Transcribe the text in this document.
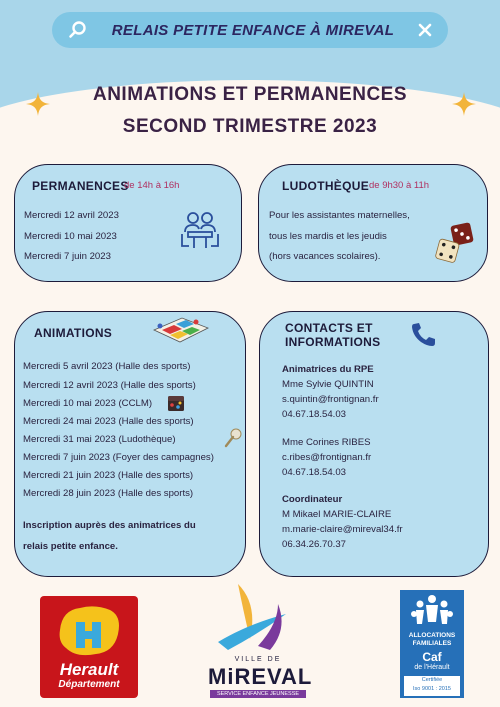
RELAIS PETITE ENFANCE À MIREVAL
ANIMATIONS ET PERMANENCES
SECOND TRIMESTRE 2023
PERMANENCES
de 14h à 16h
Mercredi 12 avril 2023
Mercredi 10 mai 2023
Mercredi 7 juin 2023
LUDOTHÈQUE de 9h30 à 11h
Pour les assistantes maternelles,
tous les mardis et les jeudis
(hors vacances scolaires).
ANIMATIONS
Mercredi 5 avril 2023 (Halle des sports)
Mercredi 12 avril 2023 (Halle des sports)
Mercredi 10 mai 2023 (CCLM)
Mercredi 24 mai 2023 (Halle des sports)
Mercredi 31 mai 2023 (Ludothèque)
Mercredi 7 juin 2023 (Foyer des campagnes)
Mercredi 21 juin 2023 (Halle des sports)
Mercredi 28 juin 2023 (Halle des sports)
Inscription auprès des animatrices du
relais petite enfance.
CONTACTS ET
INFORMATIONS
Animatrices du RPE
Mme Sylvie QUINTIN
s.quintin@frontignan.fr
04.67.18.54.03
Mme Corines RIBES
c.ribes@frontignan.fr
04.67.18.54.03
Coordinateur
M Mikael MARIE-CLAIRE
m.marie-claire@mireval34.fr
06.34.26.70.37
Herault
Département
VILLE DE
MiREVAL
SERVICE ENFANCE JEUNESSE
ALLOCATIONS
FAMILIALES
Caf
de l'Hérault
Certifiée
Iso 9001 : 2015
